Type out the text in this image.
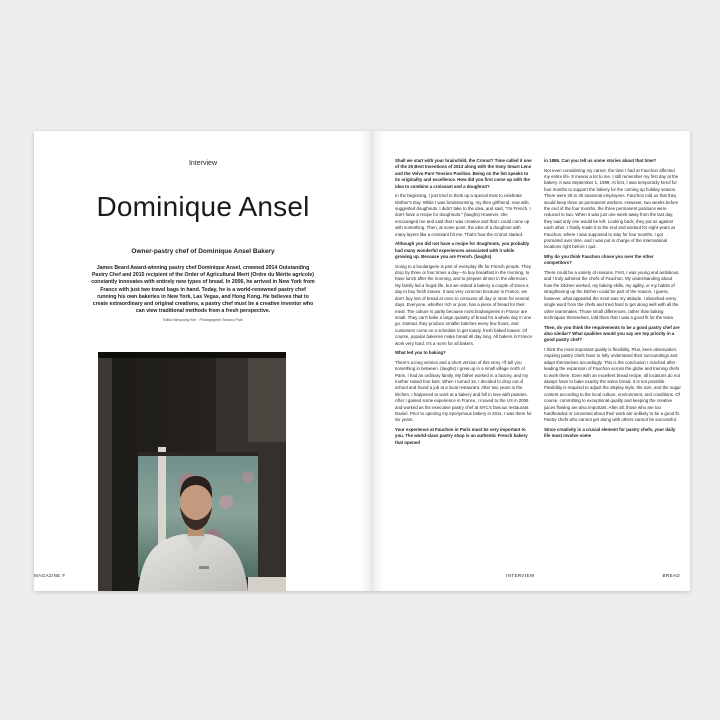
Interview
Dominique Ansel
Owner-pastry chef of Dominique Ansel Bakery

James Beard Award-winning pastry chef Dominique Ansel, crowned 2014 Outstanding Pastry Chef and 2015 recipient of the Order of Agricultural Merit (Ordre du Mérite agricole) constantly innovates with entirely new types of bread. In 2006, he arrived in New York from France with just two travel bags in hand. Today, he is a world-renowned pastry chef running his own bakeries in New York, Las Vegas, and Hong Kong. He believes that to create extraordinary and original creations, a pastry chef must be a creative inventor who can view traditional methods from a fresh perspective.

Editor Minyoung Kim · Photographer Seoseo Park
MAGAZINE F

Shall we start with your brainchild, the Cronut? Time called it one of the 25 Best Inventions of 2013 along with the Sony Smart Lens and the Volvo Pure Tension Pavilion. Being on the list speaks to its originality and excellence. How did you first come up with the idea to combine a croissant and a doughnut?

In the beginning, I just tried to think up a special treat to celebrate Mother's Day. While I was brainstorming, my then girlfriend, now wife, suggested doughnuts. I didn't take to the idea, and said, "I'm French. I don't have a recipe for doughnuts." (laughs) However, she encouraged me and said that I was creative and that I could come up with something. Then, at some point, the idea of a doughnut with many layers like a croissant hit me. That's how the Cronut started.

Although you did not have a recipe for doughnuts, you probably had many wonderful experiences associated with it while growing up. Because you are French. (laughs)

Going to a boulangerie is part of everyday life for French people. They drop by three or four times a day—to buy breakfast in the morning, to have lunch after the morning, and to prepare dinner in the afternoon. My family led a frugal life, but we visited a bakery a couple of times a day to buy fresh loaves. It was very common because in France, we don't buy lots of bread at once to consume all day or store for several days. Everyone, whether rich or poor, has a piece of bread for their meal. The culture is partly because most boulangeries in France are small. They can't bake a large quantity of bread for a whole day in one go. Instead, they produce smaller batches every few hours, and customers come on a schedule to get toasty, fresh baked loaves. Of course, popular bakeries make bread all day long. All bakers in France work very hard. It's a norm for all bakers.

What led you to baking?

There's a long version and a short version of this story. I'll tell you something in between. (laughs) I grew up in a small village north of Paris. I had an ordinary family. My father worked in a factory, and my mother raised four kids. When I turned 16, I decided to drop out of school and found a job at a local restaurant. After two years in the kitchen, I happened to work at a bakery and fell in love with pastries. After I gained some experience in France, I moved to the US in 2006 and worked as the executive pastry chef at NYC's famous restaurant Daniel. Prior to opening my eponymous bakery in 2011, I was there for six years.

Your experience at Fauchon in Paris must be very important to you. The world-class pastry shop is an authentic French bakery that opened

in 1886. Can you tell us some stories about that time?

Not even considering my career, the time I had at Fauchon affected my entire life. It means a lot to me. I still remember my first day at the bakery. It was September 1, 1999. At first, I was temporarily hired for four months to support the bakery for the coming up holiday season. There were 25 to 30 seasonal employees. Fauchon told us that they would keep three as permanent workers. However, two weeks before the end of the four months, the three permanent positions were reduced to two. When it was just one week away from the last day, they said only one would be left. Looking back, they put us against each other. I finally made it to the end and worked for eight years at Fauchon, where I was supposed to stay for four months. I got promoted over time, and I was put in charge of the international locations right before I quit.

Why do you think Fauchon chose you over the other competitors?

There could be a variety of reasons. First, I was young and ambitious, and I truly admired the chefs of Fauchon. My understanding about how the kitchen worked, my baking skills, my agility, or my habits of straightening up the kitchen could be part of the reason. I guess, however, what appealed the most was my attitude. I absorbed every single word from the chefs and tried hard to get along well with all the other teammates. Those small differences, rather than baking techniques themselves, told them that I was a good fit for the team.

Then, do you think the requirements to be a good pastry chef are also similar? What qualities would you say are top priority in a good pastry chef?

I think the most important quality is flexibility. Plus, keen observation. Aspiring pastry chefs have to fully understand their surroundings and adapt themselves accordingly. This is the conclusion I reached after leading the expansion of Fauchon across the globe and training chefs to work there. Even with an excellent bread recipe, all locations do not always have to bake exactly the same bread. It is not possible. Flexibility is required to adjust the display style, the size, and the sugar content according to the local culture, environment, and conditions. Of course, committing to exceptional quality and keeping the creative juices flowing are also important. After all, those who are too hardheaded or conceited about their work are unlikely to be a good fit. Pastry chefs who cannot get along with others cannot be successful.

Since creativity is a crucial element for pastry chefs, your daily life must involve some

INTERVIEW	BREAD
